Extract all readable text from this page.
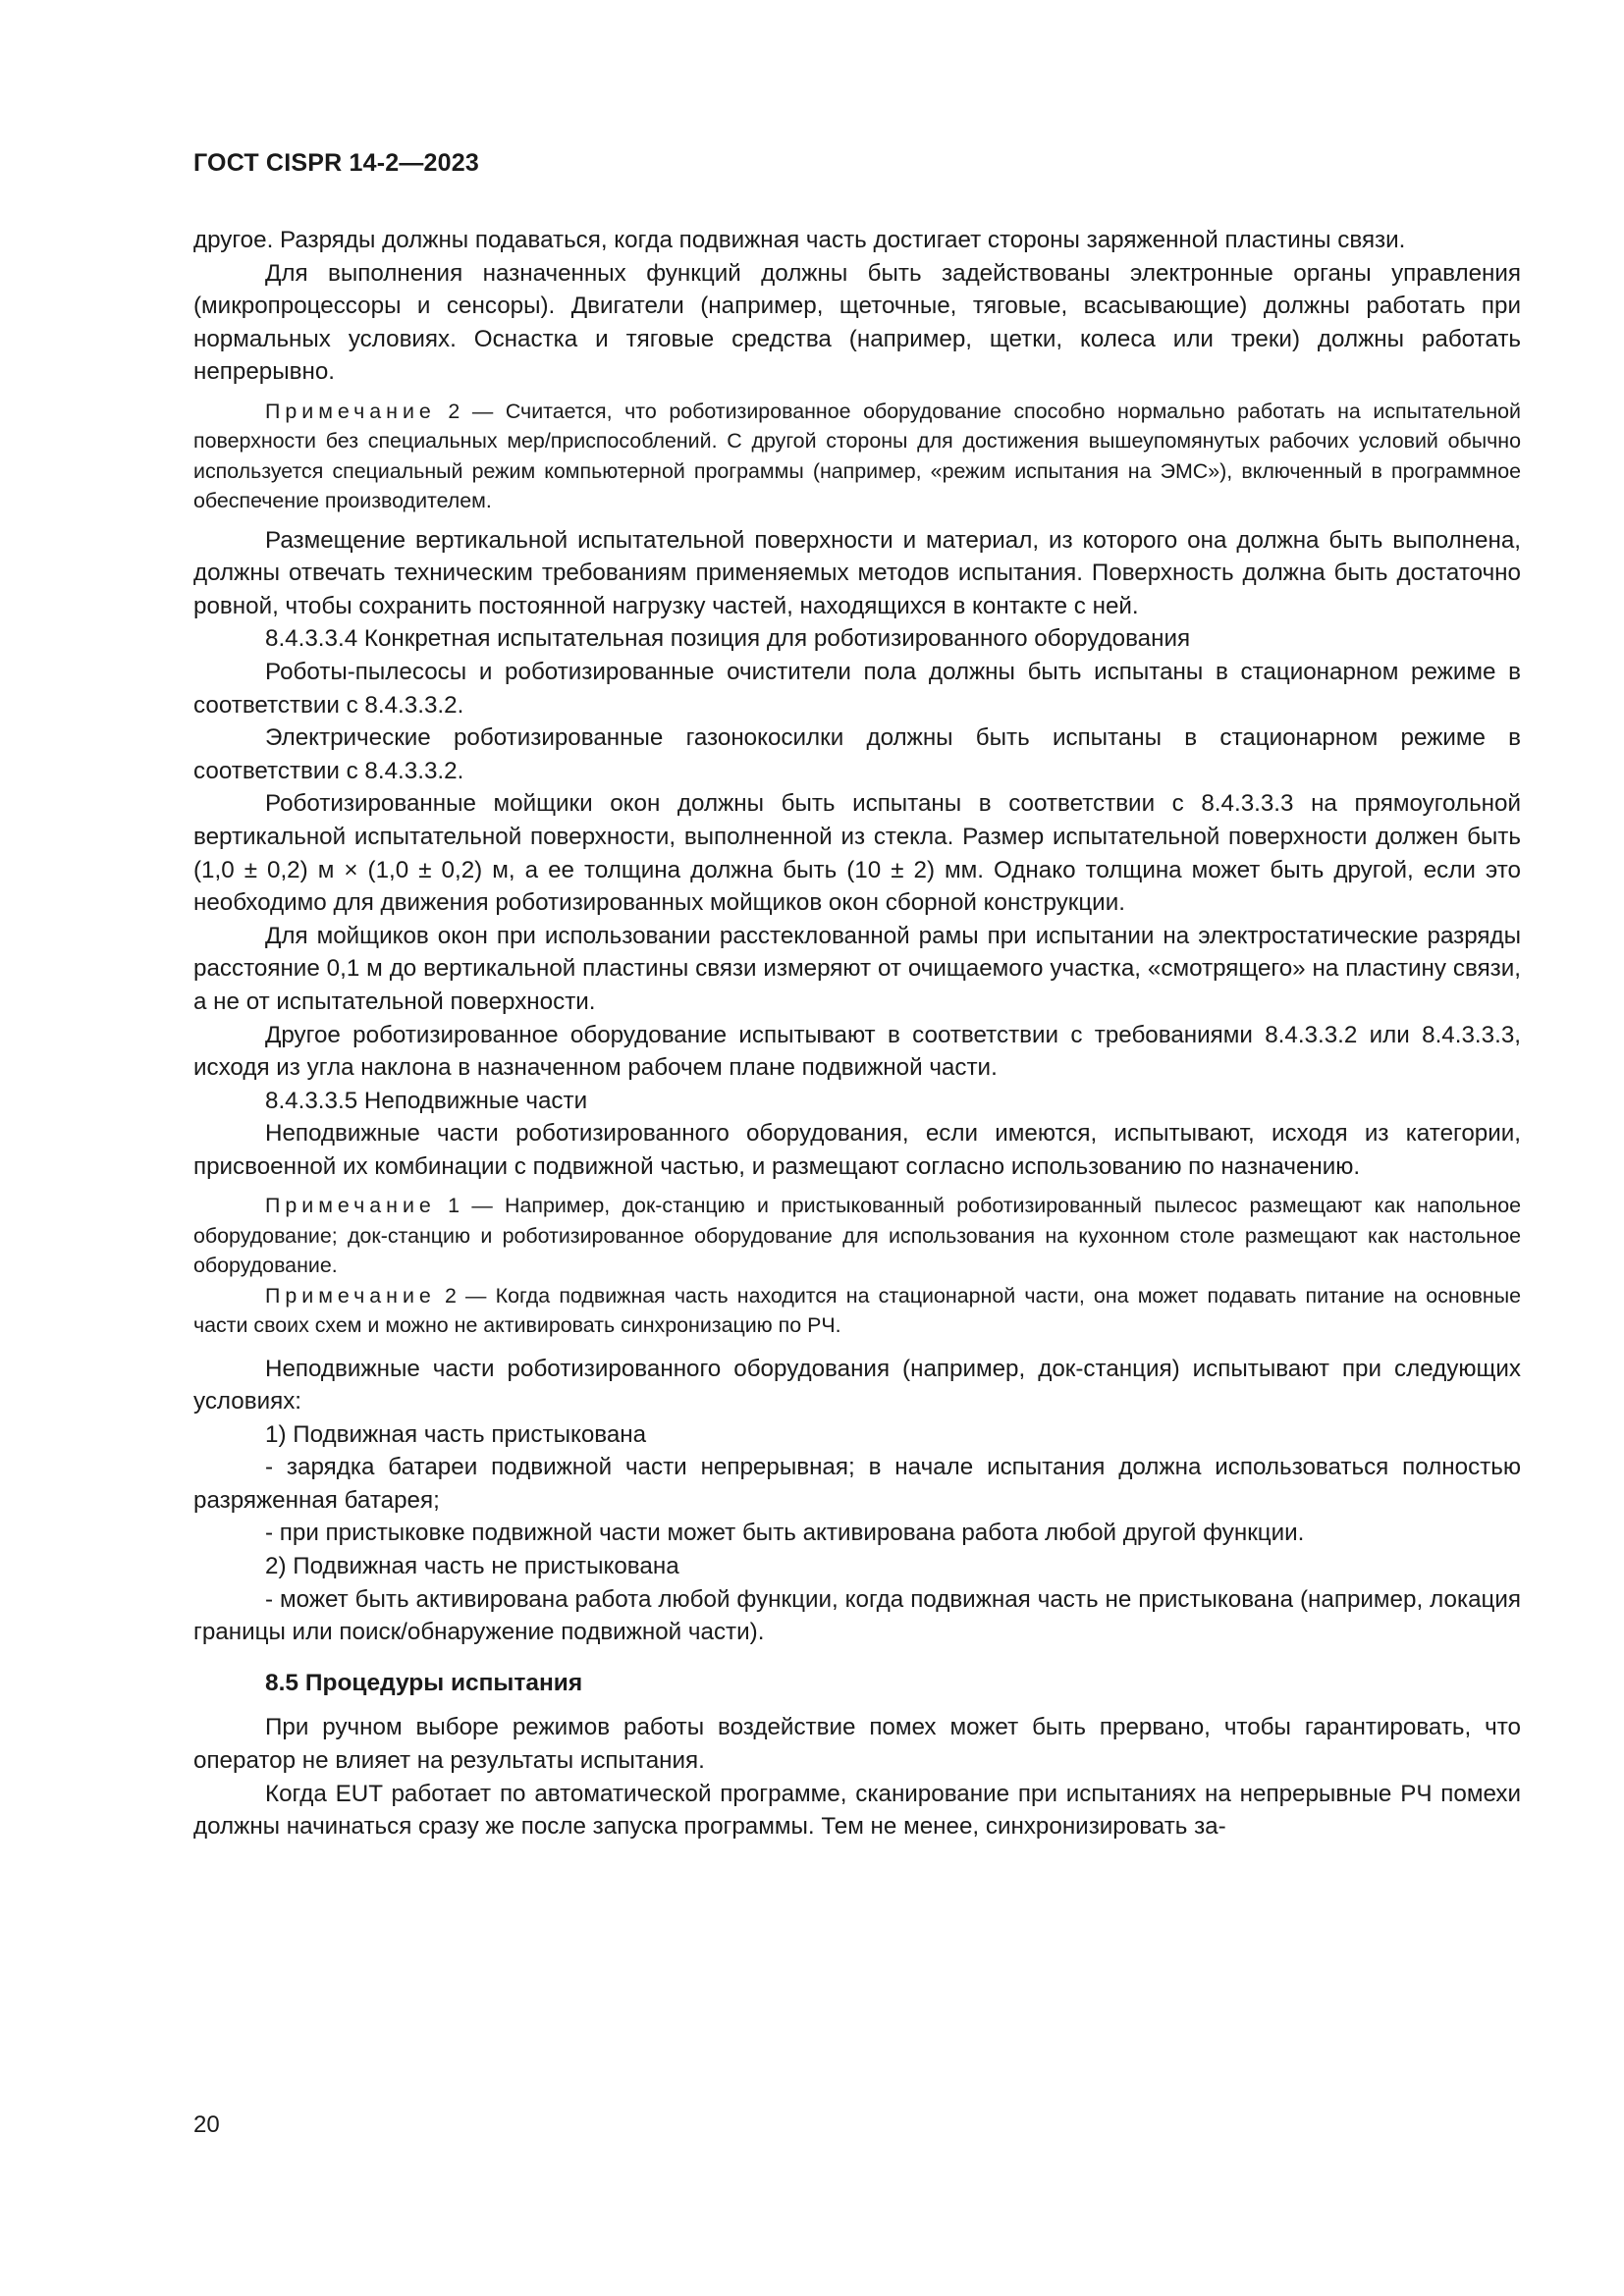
ГОСТ CISPR 14-2—2023

другое. Разряды должны подаваться, когда подвижная часть достигает стороны заряженной пластины связи.

Для выполнения назначенных функций должны быть задействованы электронные органы управления (микропроцессоры и сенсоры). Двигатели (например, щеточные, тяговые, всасывающие) должны работать при нормальных условиях. Оснастка и тяговые средства (например, щетки, колеса или треки) должны работать непрерывно.

Примечание 2 — Считается, что роботизированное оборудование способно нормально работать на испытательной поверхности без специальных мер/приспособлений. С другой стороны для достижения вышеупомянутых рабочих условий обычно используется специальный режим компьютерной программы (например, «режим испытания на ЭМС»), включенный в программное обеспечение производителем.

Размещение вертикальной испытательной поверхности и материал, из которого она должна быть выполнена, должны отвечать техническим требованиям применяемых методов испытания. Поверхность должна быть достаточно ровной, чтобы сохранить постоянной нагрузку частей, находящихся в контакте с ней.

8.4.3.3.4 Конкретная испытательная позиция для роботизированного оборудования

Роботы-пылесосы и роботизированные очистители пола должны быть испытаны в стационарном режиме в соответствии с 8.4.3.3.2.

Электрические роботизированные газонокосилки должны быть испытаны в стационарном режиме в соответствии с 8.4.3.3.2.

Роботизированные мойщики окон должны быть испытаны в соответствии с 8.4.3.3.3 на прямоугольной вертикальной испытательной поверхности, выполненной из стекла. Размер испытательной поверхности должен быть (1,0 ± 0,2) м × (1,0 ± 0,2) м, а ее толщина должна быть (10 ± 2) мм. Однако толщина может быть другой, если это необходимо для движения роботизированных мойщиков окон сборной конструкции.

Для мойщиков окон при использовании расстеклованной рамы при испытании на электростатические разряды расстояние 0,1 м до вертикальной пластины связи измеряют от очищаемого участка, «смотрящего» на пластину связи, а не от испытательной поверхности.

Другое роботизированное оборудование испытывают в соответствии с требованиями 8.4.3.3.2 или 8.4.3.3.3, исходя из угла наклона в назначенном рабочем плане подвижной части.

8.4.3.3.5 Неподвижные части

Неподвижные части роботизированного оборудования, если имеются, испытывают, исходя из категории, присвоенной их комбинации с подвижной частью, и размещают согласно использованию по назначению.

Примечание 1 — Например, док-станцию и пристыкованный роботизированный пылесос размещают как напольное оборудование; док-станцию и роботизированное оборудование для использования на кухонном столе размещают как настольное оборудование.

Примечание 2 — Когда подвижная часть находится на стационарной части, она может подавать питание на основные части своих схем и можно не активировать синхронизацию по РЧ.

Неподвижные части роботизированного оборудования (например, док-станция) испытывают при следующих условиях:

1) Подвижная часть пристыкована

- зарядка батареи подвижной части непрерывная; в начале испытания должна использоваться полностью разряженная батарея;

- при пристыковке подвижной части может быть активирована работа любой другой функции.

2) Подвижная часть не пристыкована

- может быть активирована работа любой функции, когда подвижная часть не пристыкована (например, локация границы или поиск/обнаружение подвижной части).

8.5 Процедуры испытания

При ручном выборе режимов работы воздействие помех может быть прервано, чтобы гарантировать, что оператор не влияет на результаты испытания.

Когда EUT работает по автоматической программе, сканирование при испытаниях на непрерывные РЧ помехи должны начинаться сразу же после запуска программы. Тем не менее, синхронизировать за-

20
